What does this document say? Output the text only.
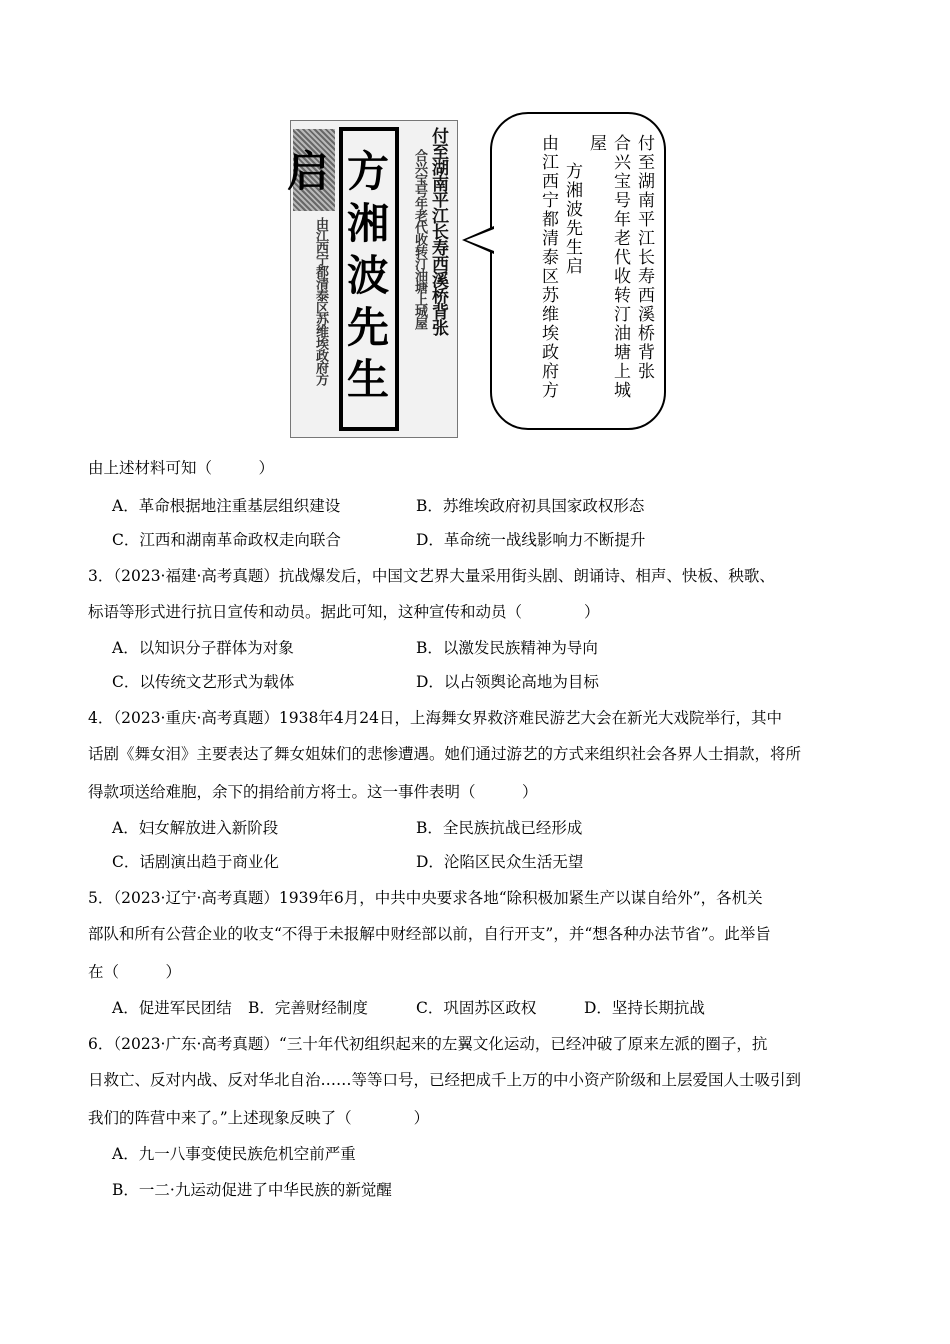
付至湖南平江长寿西溪桥背张
合兴宝号年老代收转汀油塘上城屋
方湘波先生启
由江西宁都清泰区苏维埃政府方	付至湖南平江长寿西溪桥背张
合兴宝号年老代收转汀油塘上城屋
方湘波先生启
由江西宁都清泰区苏维埃政府方
由上述材料可知（　　　）
A．革命根据地注重基层组织建设	B．苏维埃政府初具国家政权形态
C．江西和湖南革命政权走向联合	D．革命统一战线影响力不断提升
3．（2023·福建·高考真题）抗战爆发后，中国文艺界大量采用街头剧、朗诵诗、相声、快板、秧歌、
标语等形式进行抗日宣传和动员。据此可知，这种宣传和动员（　　　　）
A．以知识分子群体为对象	B．以激发民族精神为导向
C．以传统文艺形式为载体	D．以占领舆论高地为目标
4．（2023·重庆·高考真题）1938年4月24日，上海舞女界救济难民游艺大会在新光大戏院举行，其中
话剧《舞女泪》主要表达了舞女姐妹们的悲惨遭遇。她们通过游艺的方式来组织社会各界人士捐款，将所
得款项送给难胞，余下的捐给前方将士。这一事件表明（　　　）
A．妇女解放进入新阶段	B．全民族抗战已经形成
C．话剧演出趋于商业化	D．沦陷区民众生活无望
5．（2023·辽宁·高考真题）1939年6月，中共中央要求各地“除积极加紧生产以谋自给外”，各机关
部队和所有公营企业的收支“不得于未报解中财经部以前，自行开支”，并“想各种办法节省”。此举旨
在（　　　）
A．促进军民团结 B．完善财经制度	C．巩固苏区政权	D．坚持长期抗战
6．（2023·广东·高考真题）“三十年代初组织起来的左翼文化运动，已经冲破了原来左派的圈子，抗
日救亡、反对内战、反对华北自治……等等口号，已经把成千上万的中小资产阶级和上层爱国人士吸引到
我们的阵营中来了。”上述现象反映了（　　　　）
A．九一八事变使民族危机空前严重
B．一二·九运动促进了中华民族的新觉醒
